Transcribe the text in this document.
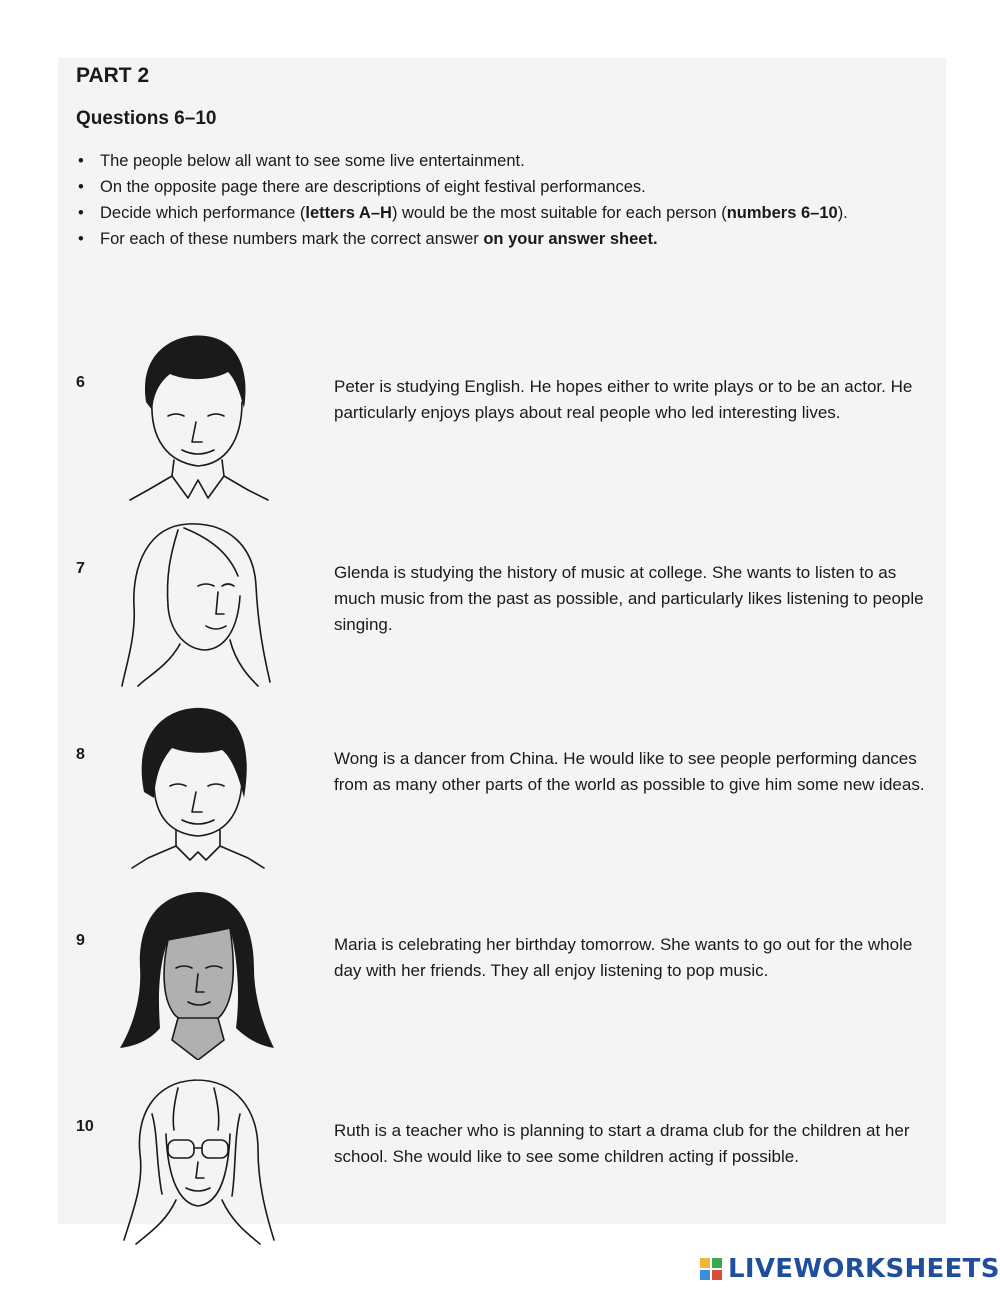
PART 2
Questions 6–10
• The people below all want to see some live entertainment.
• On the opposite page there are descriptions of eight festival performances.
• Decide which performance (letters A–H) would be the most suitable for each person (numbers 6–10).
• For each of these numbers mark the correct answer on your answer sheet.
6	Peter is studying English. He hopes either to write plays or to be an actor. He particularly enjoys plays about real people who led interesting lives.

7	Glenda is studying the history of music at college. She wants to listen to as much music from the past as possible, and particularly likes listening to people singing.

8	Wong is a dancer from China. He would like to see people performing dances from as many other parts of the world as possible to give him some new ideas.

9	Maria is celebrating her birthday tomorrow. She wants to go out for the whole day with her friends. They all enjoy listening to pop music.

10	Ruth is a teacher who is planning to start a drama club for the children at her school. She would like to see some children acting if possible.

LIVEWORKSHEETS
